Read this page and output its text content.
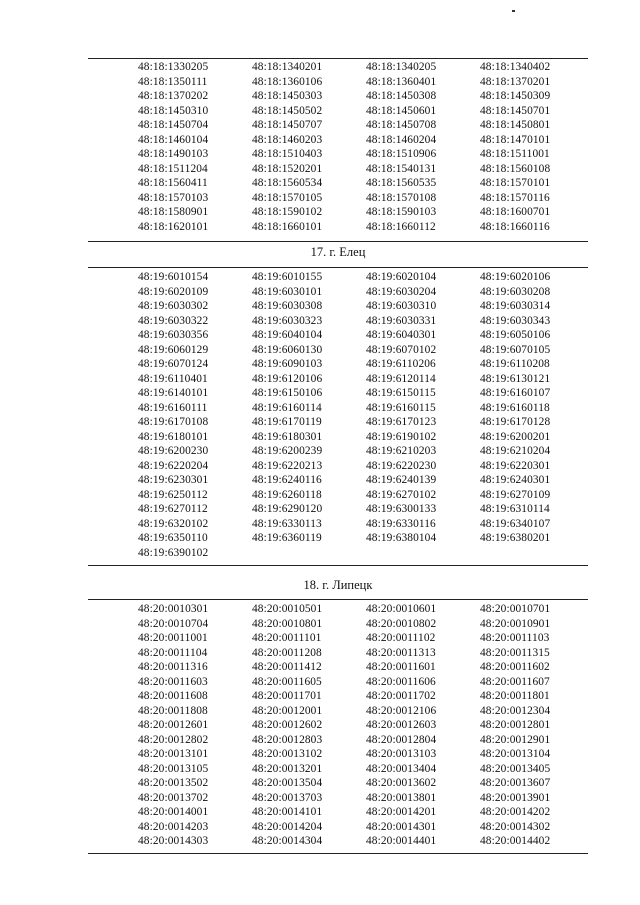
48:18:1330205	48:18:1340201	48:18:1340205	48:18:1340402
48:18:1350111	48:18:1360106	48:18:1360401	48:18:1370201
48:18:1370202	48:18:1450303	48:18:1450308	48:18:1450309
48:18:1450310	48:18:1450502	48:18:1450601	48:18:1450701
48:18:1450704	48:18:1450707	48:18:1450708	48:18:1450801
48:18:1460104	48:18:1460203	48:18:1460204	48:18:1470101
48:18:1490103	48:18:1510403	48:18:1510906	48:18:1511001
48:18:1511204	48:18:1520201	48:18:1540131	48:18:1560108
48:18:1560411	48:18:1560534	48:18:1560535	48:18:1570101
48:18:1570103	48:18:1570105	48:18:1570108	48:18:1570116
48:18:1580901	48:18:1590102	48:18:1590103	48:18:1600701
48:18:1620101	48:18:1660101	48:18:1660112	48:18:1660116
17. г. Елец
48:19:6010154	48:19:6010155	48:19:6020104	48:19:6020106
48:19:6020109	48:19:6030101	48:19:6030204	48:19:6030208
48:19:6030302	48:19:6030308	48:19:6030310	48:19:6030314
48:19:6030322	48:19:6030323	48:19:6030331	48:19:6030343
48:19:6030356	48:19:6040104	48:19:6040301	48:19:6050106
48:19:6060129	48:19:6060130	48:19:6070102	48:19:6070105
48:19:6070124	48:19:6090103	48:19:6110206	48:19:6110208
48:19:6110401	48:19:6120106	48:19:6120114	48:19:6130121
48:19:6140101	48:19:6150106	48:19:6150115	48:19:6160107
48:19:6160111	48:19:6160114	48:19:6160115	48:19:6160118
48:19:6170108	48:19:6170119	48:19:6170123	48:19:6170128
48:19:6180101	48:19:6180301	48:19:6190102	48:19:6200201
48:19:6200230	48:19:6200239	48:19:6210203	48:19:6210204
48:19:6220204	48:19:6220213	48:19:6220230	48:19:6220301
48:19:6230301	48:19:6240116	48:19:6240139	48:19:6240301
48:19:6250112	48:19:6260118	48:19:6270102	48:19:6270109
48:19:6270112	48:19:6290120	48:19:6300133	48:19:6310114
48:19:6320102	48:19:6330113	48:19:6330116	48:19:6340107
48:19:6350110	48:19:6360119	48:19:6380104	48:19:6380201
48:19:6390102
18. г. Липецк
48:20:0010301	48:20:0010501	48:20:0010601	48:20:0010701
48:20:0010704	48:20:0010801	48:20:0010802	48:20:0010901
48:20:0011001	48:20:0011101	48:20:0011102	48:20:0011103
48:20:0011104	48:20:0011208	48:20:0011313	48:20:0011315
48:20:0011316	48:20:0011412	48:20:0011601	48:20:0011602
48:20:0011603	48:20:0011605	48:20:0011606	48:20:0011607
48:20:0011608	48:20:0011701	48:20:0011702	48:20:0011801
48:20:0011808	48:20:0012001	48:20:0012106	48:20:0012304
48:20:0012601	48:20:0012602	48:20:0012603	48:20:0012801
48:20:0012802	48:20:0012803	48:20:0012804	48:20:0012901
48:20:0013101	48:20:0013102	48:20:0013103	48:20:0013104
48:20:0013105	48:20:0013201	48:20:0013404	48:20:0013405
48:20:0013502	48:20:0013504	48:20:0013602	48:20:0013607
48:20:0013702	48:20:0013703	48:20:0013801	48:20:0013901
48:20:0014001	48:20:0014101	48:20:0014201	48:20:0014202
48:20:0014203	48:20:0014204	48:20:0014301	48:20:0014302
48:20:0014303	48:20:0014304	48:20:0014401	48:20:0014402
